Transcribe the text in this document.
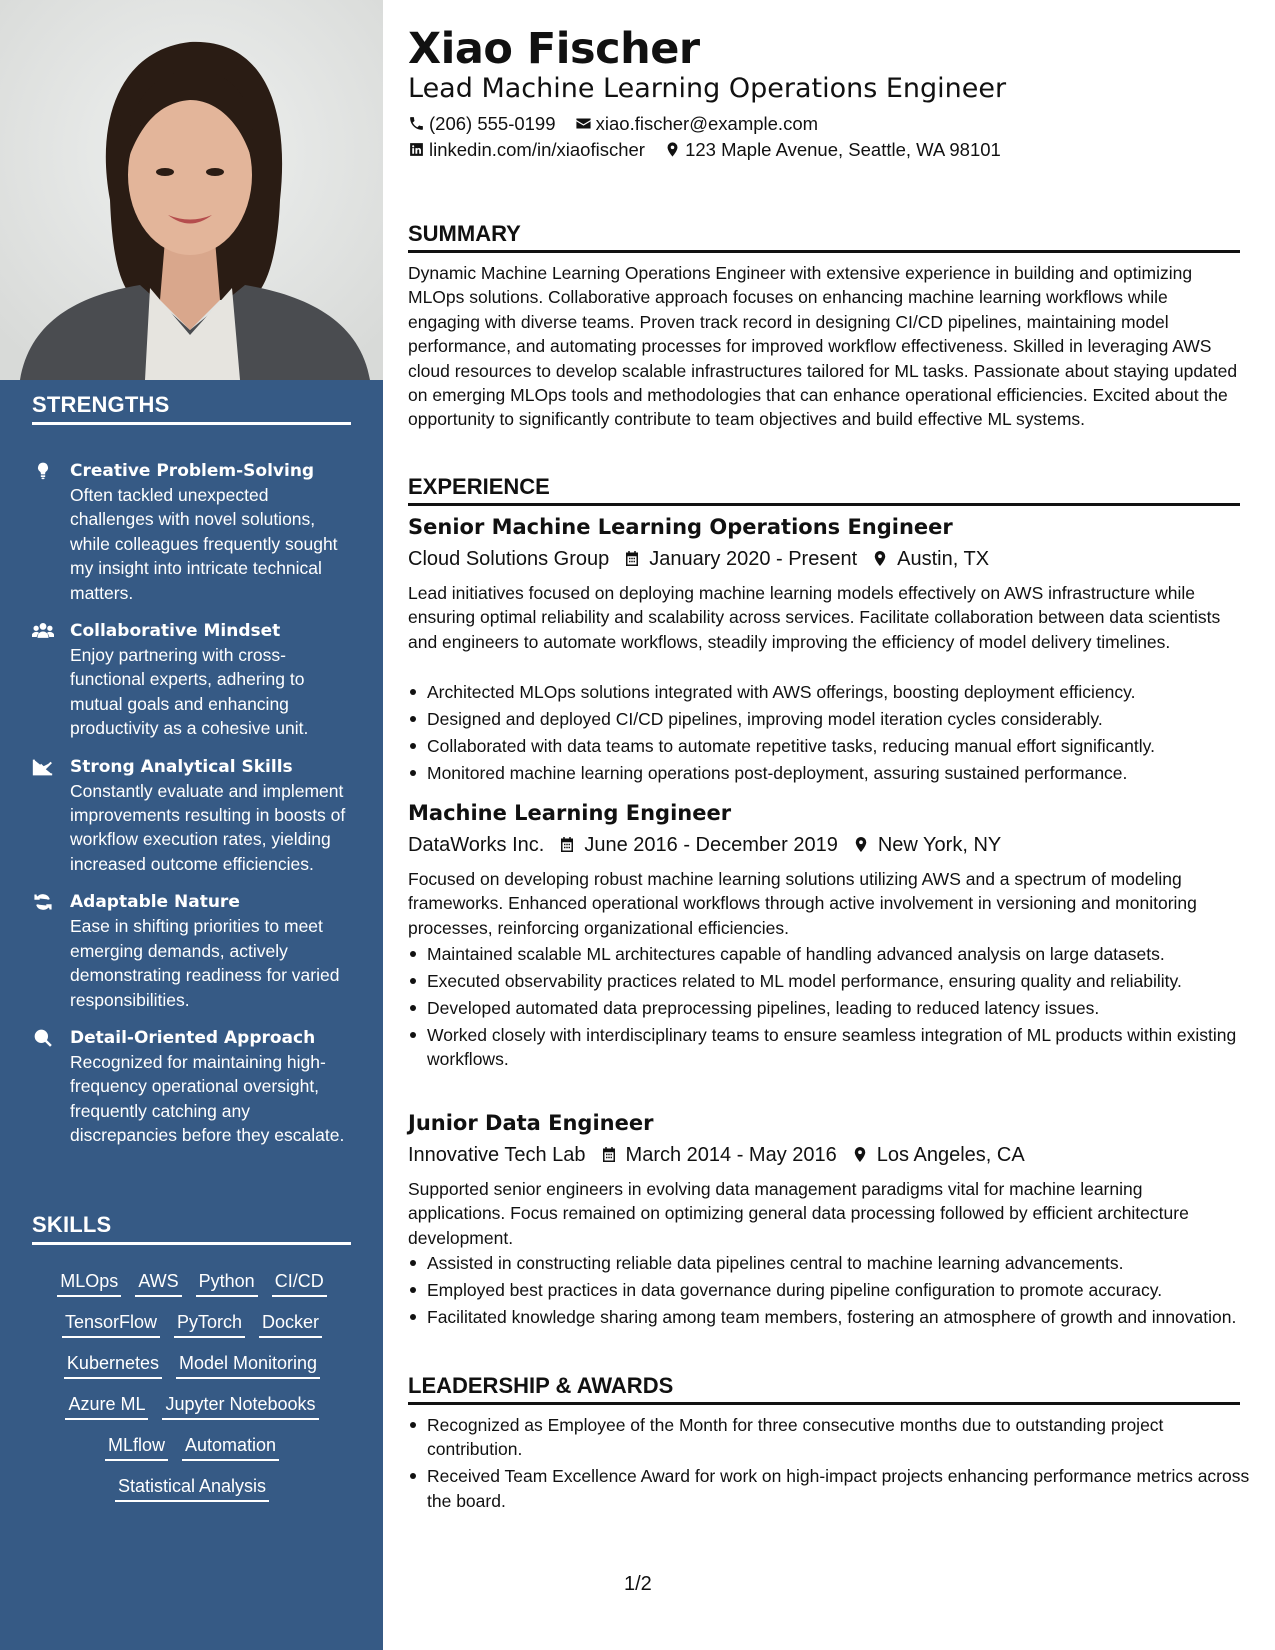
STRENGTHS
Creative Problem-Solving
Often tackled unexpected challenges with novel solutions, while colleagues frequently sought my insight into intricate technical matters.
Collaborative Mindset
Enjoy partnering with cross-functional experts, adhering to mutual goals and enhancing productivity as a cohesive unit.
Strong Analytical Skills
Constantly evaluate and implement improvements resulting in boosts of workflow execution rates, yielding increased outcome efficiencies.
Adaptable Nature
Ease in shifting priorities to meet emerging demands, actively demonstrating readiness for varied responsibilities.
Detail-Oriented Approach
Recognized for maintaining high-frequency operational oversight, frequently catching any discrepancies before they escalate.
SKILLS
MLOps AWS Python CI/CD
TensorFlow PyTorch Docker
Kubernetes Model Monitoring
Azure ML Jupyter Notebooks
MLflow Automation
Statistical Analysis
Xiao Fischer
Lead Machine Learning Operations Engineer
(206) 555-0199 xiao.fischer@example.com
linkedin.com/in/xiaofischer 123 Maple Avenue, Seattle, WA 98101
SUMMARY
Dynamic Machine Learning Operations Engineer with extensive experience in building and optimizing MLOps solutions. Collaborative approach focuses on enhancing machine learning workflows while engaging with diverse teams. Proven track record in designing CI/CD pipelines, maintaining model performance, and automating processes for improved workflow effectiveness. Skilled in leveraging AWS cloud resources to develop scalable infrastructures tailored for ML tasks. Passionate about staying updated on emerging MLOps tools and methodologies that can enhance operational efficiencies. Excited about the opportunity to significantly contribute to team objectives and build effective ML systems.
EXPERIENCE
Senior Machine Learning Operations Engineer
Cloud Solutions Group January 2020 - Present Austin, TX
Lead initiatives focused on deploying machine learning models effectively on AWS infrastructure while ensuring optimal reliability and scalability across services. Facilitate collaboration between data scientists and engineers to automate workflows, steadily improving the efficiency of model delivery timelines.
Architected MLOps solutions integrated with AWS offerings, boosting deployment efficiency.
Designed and deployed CI/CD pipelines, improving model iteration cycles considerably.
Collaborated with data teams to automate repetitive tasks, reducing manual effort significantly.
Monitored machine learning operations post-deployment, assuring sustained performance.
Machine Learning Engineer
DataWorks Inc. June 2016 - December 2019 New York, NY
Focused on developing robust machine learning solutions utilizing AWS and a spectrum of modeling frameworks. Enhanced operational workflows through active involvement in versioning and monitoring processes, reinforcing organizational efficiencies.
Maintained scalable ML architectures capable of handling advanced analysis on large datasets.
Executed observability practices related to ML model performance, ensuring quality and reliability.
Developed automated data preprocessing pipelines, leading to reduced latency issues.
Worked closely with interdisciplinary teams to ensure seamless integration of ML products within existing workflows.
Junior Data Engineer
Innovative Tech Lab March 2014 - May 2016 Los Angeles, CA
Supported senior engineers in evolving data management paradigms vital for machine learning applications. Focus remained on optimizing general data processing followed by efficient architecture development.
Assisted in constructing reliable data pipelines central to machine learning advancements.
Employed best practices in data governance during pipeline configuration to promote accuracy.
Facilitated knowledge sharing among team members, fostering an atmosphere of growth and innovation.
LEADERSHIP & AWARDS
Recognized as Employee of the Month for three consecutive months due to outstanding project contribution.
Received Team Excellence Award for work on high-impact projects enhancing performance metrics across the board.
1/2
